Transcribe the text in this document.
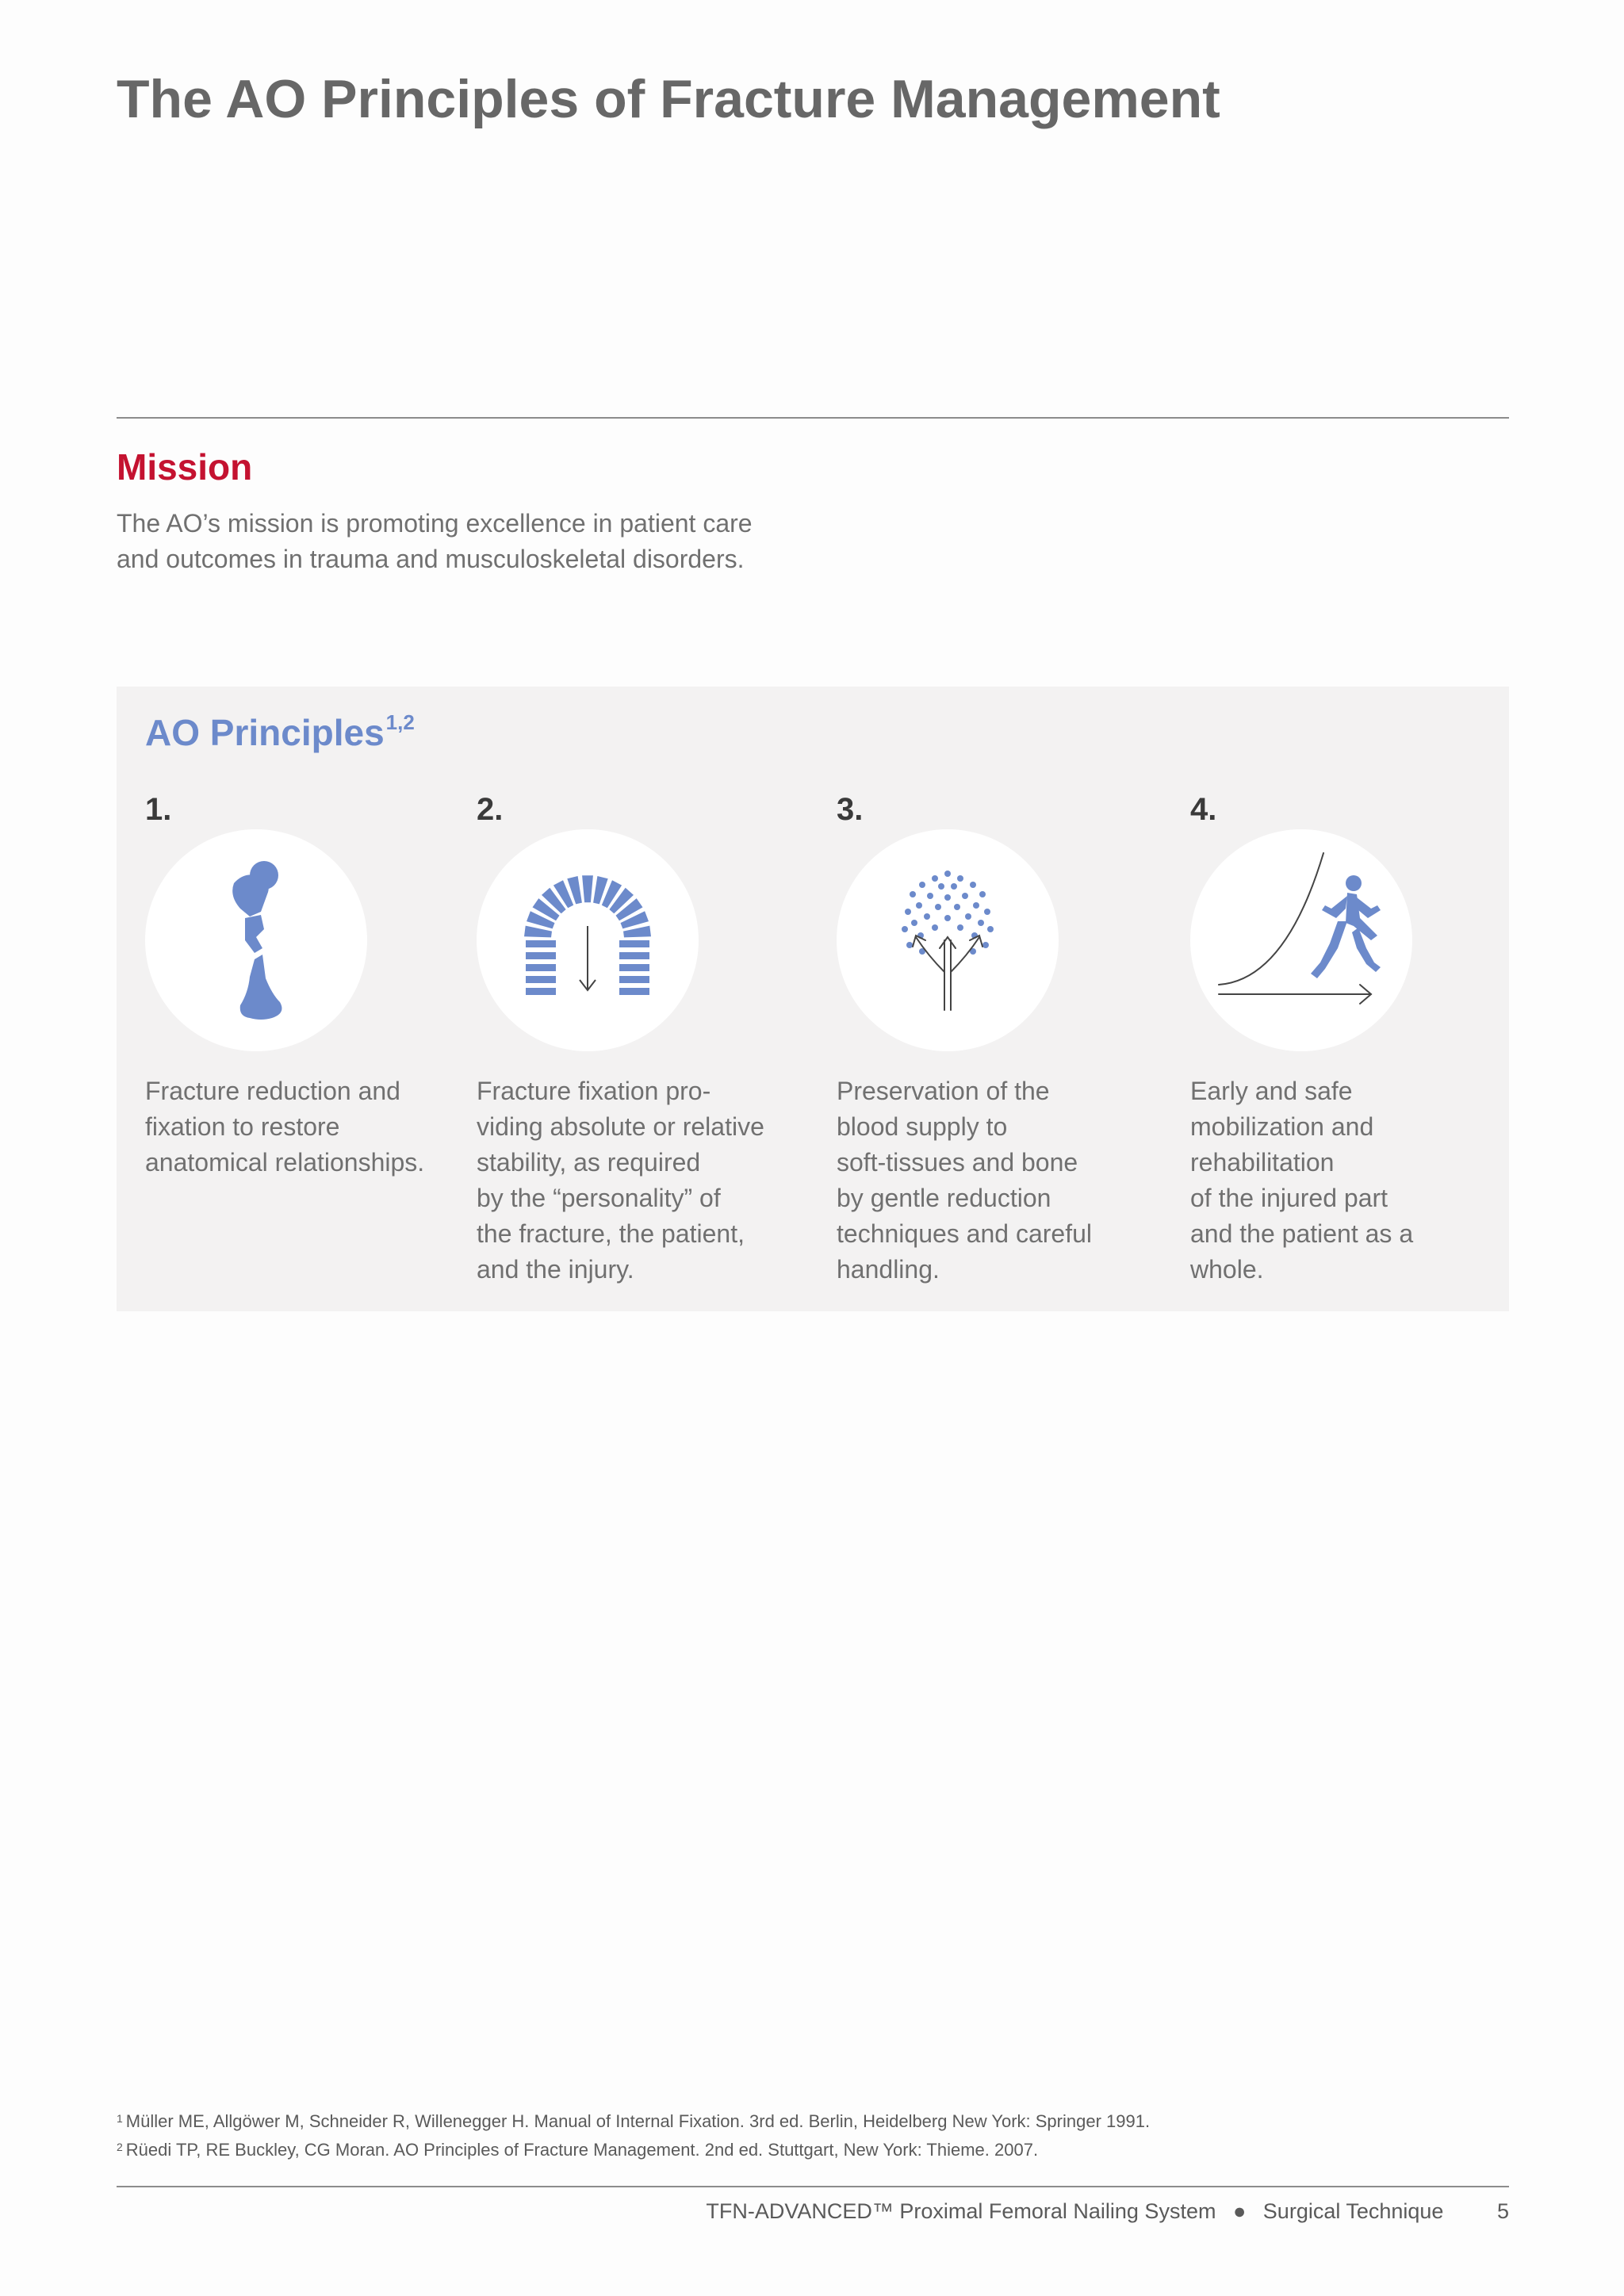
The AO Principles of Fracture Management
Mission
The AO’s mission is promoting excellence in patient care
and outcomes in trauma and musculoskeletal disorders.
AO Principles$^{1,2}$
1.
Fracture reduction and
fixation to restore
anatomical relationships.
2.
Fracture fixation pro-
viding absolute or relative
stability, as required
by the “personality” of
the fracture, the patient,
and the injury.
3.
Preservation of the
blood supply to
soft-tissues and bone
by gentle reduction
techniques and careful
handling.
4.
Early and safe
mobilization and
rehabilitation
of the injured part
and the patient as a
whole.
$^1$ Müller ME, Allgöwer M, Schneider R, Willenegger H. Manual of Internal Fixation. 3rd ed. Berlin, Heidelberg New York: Springer 1991.
$^2$ Rüedi TP, RE Buckley, CG Moran. AO Principles of Fracture Management. 2nd ed. Stuttgart, New York: Thieme. 2007.
TFN-ADVANCED™ Proximal Femoral Nailing System ● Surgical Technique	5
